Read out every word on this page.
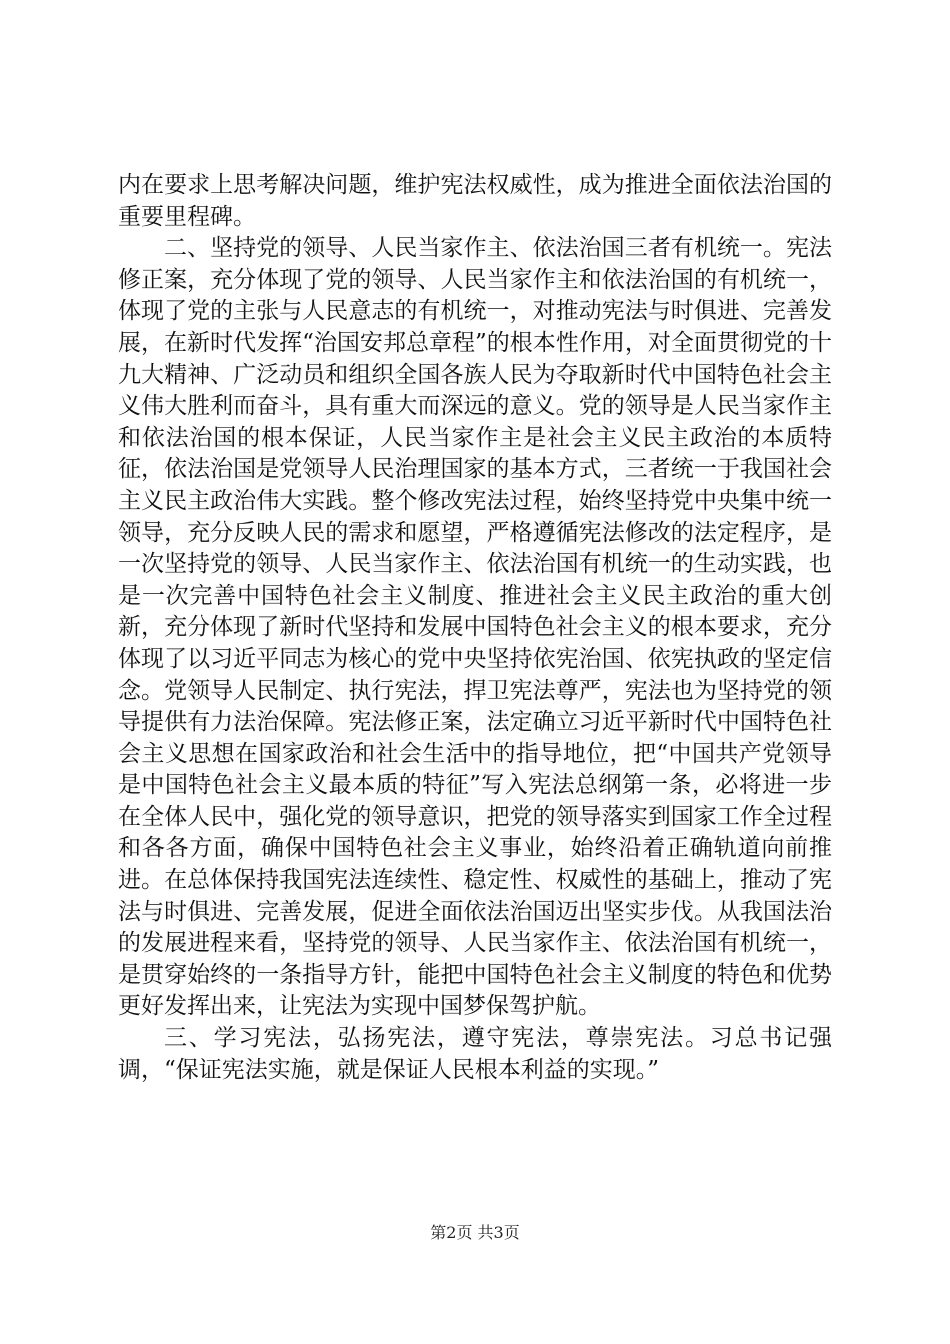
内在要求上思考解决问题，维护宪法权威性，成为推进全面依法治国的重要里程碑。

二、坚持党的领导、人民当家作主、依法治国三者有机统一。宪法修正案，充分体现了党的领导、人民当家作主和依法治国的有机统一，体现了党的主张与人民意志的有机统一，对推动宪法与时俱进、完善发展，在新时代发挥“治国安邦总章程”的根本性作用，对全面贯彻党的十九大精神、广泛动员和组织全国各族人民为夺取新时代中国特色社会主义伟大胜利而奋斗，具有重大而深远的意义。党的领导是人民当家作主和依法治国的根本保证，人民当家作主是社会主义民主政治的本质特征，依法治国是党领导人民治理国家的基本方式，三者统一于我国社会主义民主政治伟大实践。整个修改宪法过程，始终坚持党中央集中统一领导，充分反映人民的需求和愿望，严格遵循宪法修改的法定程序，是一次坚持党的领导、人民当家作主、依法治国有机统一的生动实践，也是一次完善中国特色社会主义制度、推进社会主义民主政治的重大创新，充分体现了新时代坚持和发展中国特色社会主义的根本要求，充分体现了以习近平同志为核心的党中央坚持依宪治国、依宪执政的坚定信念。党领导人民制定、执行宪法，捍卫宪法尊严，宪法也为坚持党的领导提供有力法治保障。宪法修正案，法定确立习近平新时代中国特色社会主义思想在国家政治和社会生活中的指导地位，把“中国共产党领导是中国特色社会主义最本质的特征”写入宪法总纲第一条，必将进一步在全体人民中，强化党的领导意识，把党的领导落实到国家工作全过程和各各方面，确保中国特色社会主义事业，始终沿着正确轨道向前推进。在总体保持我国宪法连续性、稳定性、权威性的基础上，推动了宪法与时俱进、完善发展，促进全面依法治国迈出坚实步伐。从我国法治的发展进程来看，坚持党的领导、人民当家作主、依法治国有机统一，是贯穿始终的一条指导方针，能把中国特色社会主义制度的特色和优势更好发挥出来，让宪法为实现中国梦保驾护航。

三、学习宪法，弘扬宪法，遵守宪法，尊崇宪法。习总书记强调，“保证宪法实施，就是保证人民根本利益的实现。”

第2页 共3页
